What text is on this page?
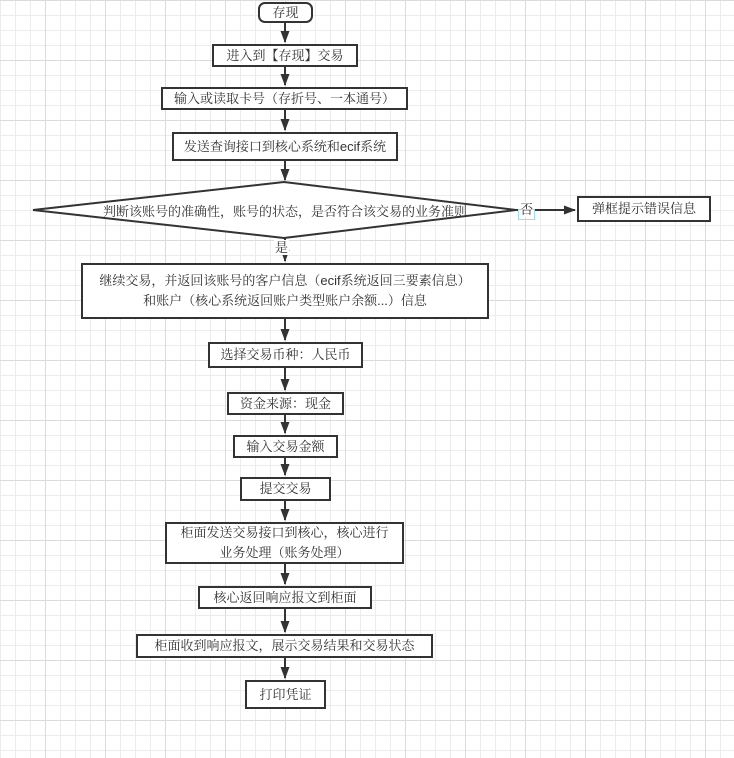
存现
进入到【存现】交易
输入或读取卡号（存折号、一本通号）
发送查询接口到核心系统和ecif系统
判断该账号的准确性，账号的状态，是否符合该交易的业务准则	弹框提示错误信息
继续交易，并返回该账号的客户信息（ecif系统返回三要素信息）
和账户（核心系统返回账户类型账户余额...）信息
选择交易币种：人民币
资金来源：现金
输入交易金额
提交交易
柜面发送交易接口到核心，核心进行
业务处理（账务处理）
核心返回响应报文到柜面
柜面收到响应报文，展示交易结果和交易状态
打印凭证
是
否
